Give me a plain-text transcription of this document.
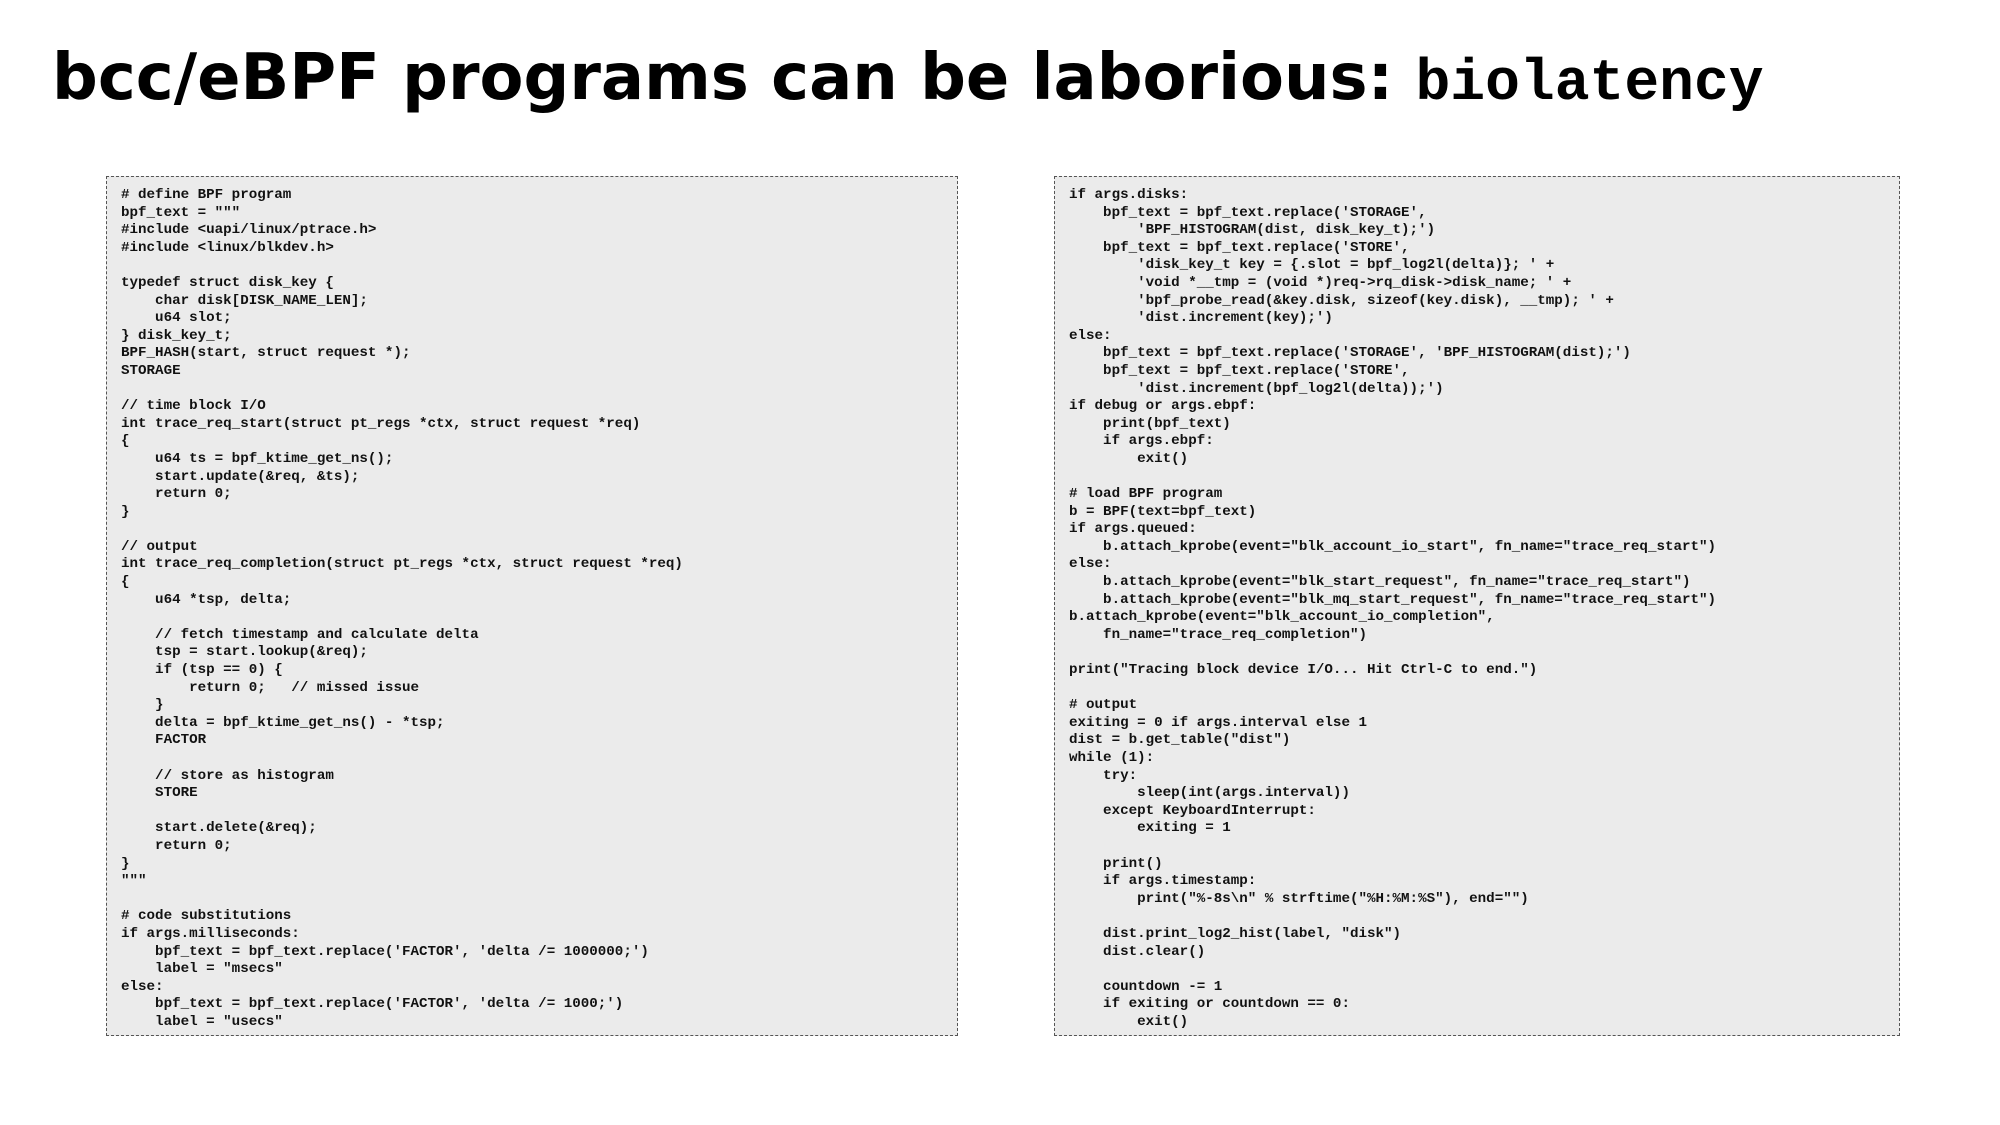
bcc/eBPF programs can be laborious: biolatency
# define BPF program
bpf_text = """
#include <uapi/linux/ptrace.h>
#include <linux/blkdev.h>
typedef struct disk_key {
char disk[DISK_NAME_LEN];
u64 slot;
} disk_key_t;
BPF_HASH(start, struct request *);
STORAGE
// time block I/O
int trace_req_start(struct pt_regs *ctx, struct request *req)
{
u64 ts = bpf_ktime_get_ns();
start.update(&req, &ts);
return 0;
}
// output
int trace_req_completion(struct pt_regs *ctx, struct request *req)
{
u64 *tsp, delta;
// fetch timestamp and calculate delta
tsp = start.lookup(&req);
if (tsp == 0) {
return 0;   // missed issue
}
delta = bpf_ktime_get_ns() - *tsp;
FACTOR
// store as histogram
STORE
start.delete(&req);
return 0;
}
"""
# code substitutions
if args.milliseconds:
bpf_text = bpf_text.replace('FACTOR', 'delta /= 1000000;')
label = "msecs"
else:
bpf_text = bpf_text.replace('FACTOR', 'delta /= 1000;')
label = "usecs"
if args.disks:
bpf_text = bpf_text.replace('STORAGE',
'BPF_HISTOGRAM(dist, disk_key_t);')
bpf_text = bpf_text.replace('STORE',
'disk_key_t key = {.slot = bpf_log2l(delta)}; ' +
'void *__tmp = (void *)req->rq_disk->disk_name; ' +
'bpf_probe_read(&key.disk, sizeof(key.disk), __tmp); ' +
'dist.increment(key);')
else:
bpf_text = bpf_text.replace('STORAGE', 'BPF_HISTOGRAM(dist);')
bpf_text = bpf_text.replace('STORE',
'dist.increment(bpf_log2l(delta));')
if debug or args.ebpf:
print(bpf_text)
if args.ebpf:
exit()
# load BPF program
b = BPF(text=bpf_text)
if args.queued:
b.attach_kprobe(event="blk_account_io_start", fn_name="trace_req_start")
else:
b.attach_kprobe(event="blk_start_request", fn_name="trace_req_start")
b.attach_kprobe(event="blk_mq_start_request", fn_name="trace_req_start")
b.attach_kprobe(event="blk_account_io_completion",
fn_name="trace_req_completion")
print("Tracing block device I/O... Hit Ctrl-C to end.")
# output
exiting = 0 if args.interval else 1
dist = b.get_table("dist")
while (1):
try:
sleep(int(args.interval))
except KeyboardInterrupt:
exiting = 1
print()
if args.timestamp:
print("%-8s\n" % strftime("%H:%M:%S"), end="")
dist.print_log2_hist(label, "disk")
dist.clear()
countdown -= 1
if exiting or countdown == 0:
exit()
